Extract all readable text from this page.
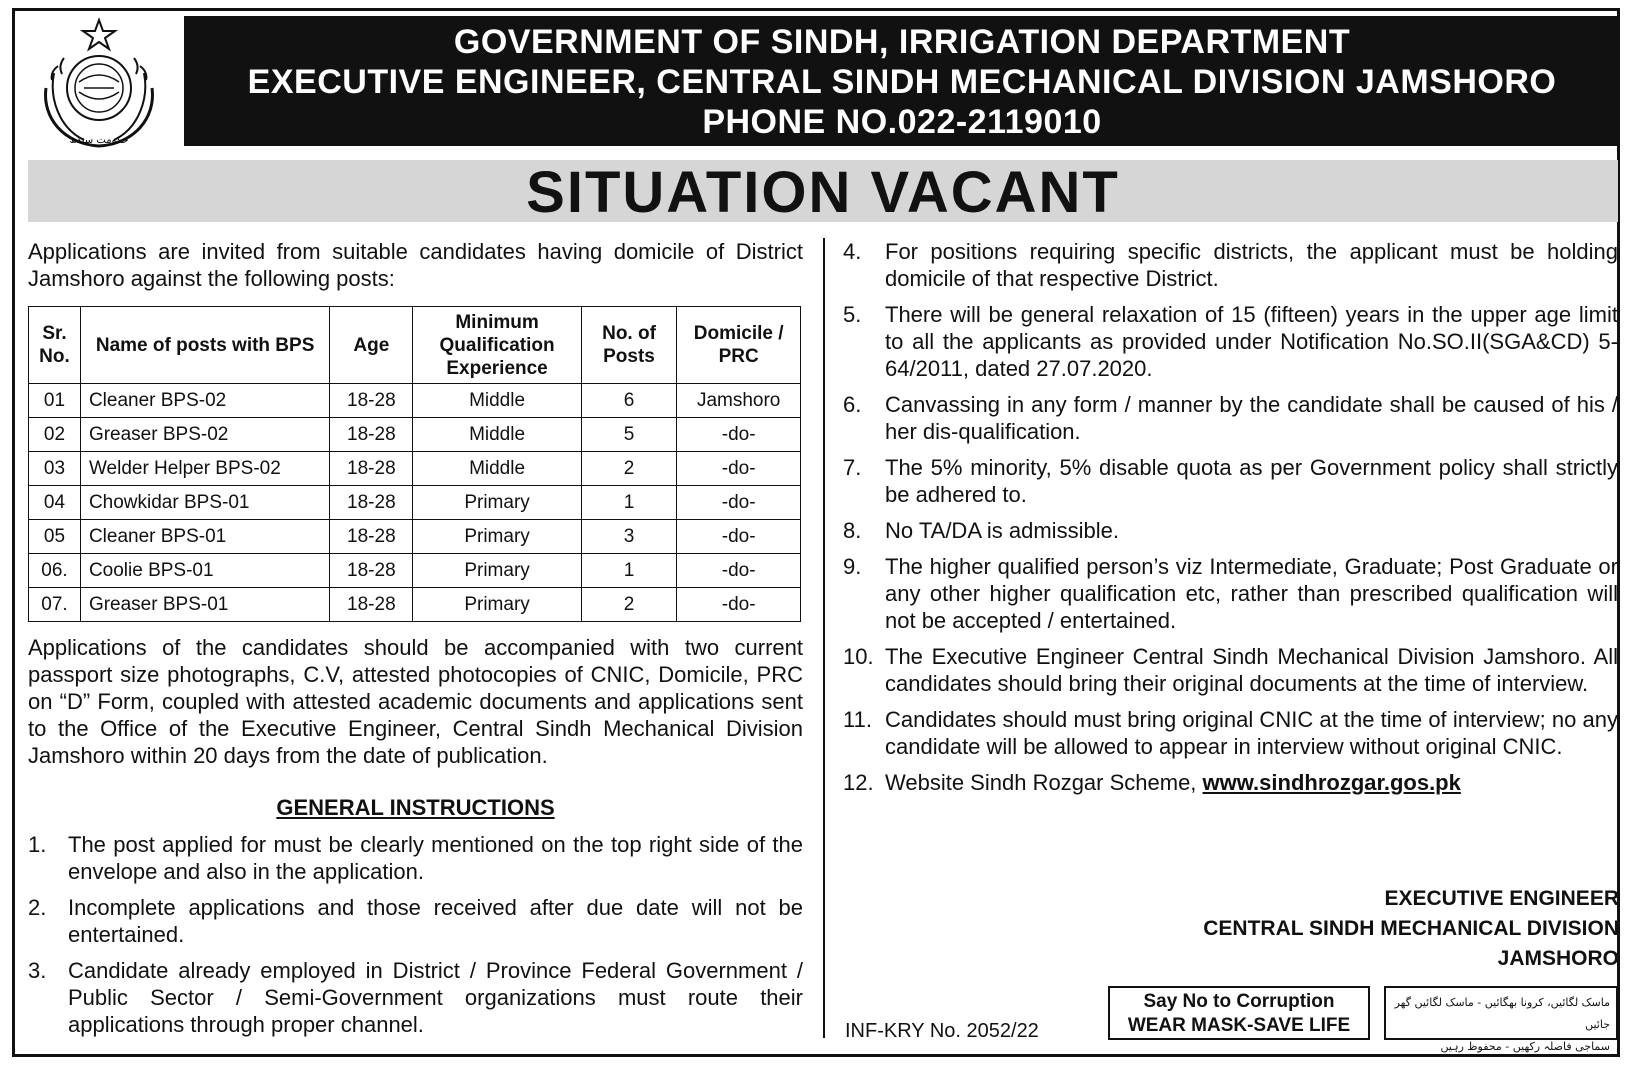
حکومت سندھ
GOVERNMENT OF SINDH, IRRIGATION DEPARTMENT
EXECUTIVE ENGINEER, CENTRAL SINDH MECHANICAL DIVISION JAMSHORO
PHONE NO.022-2119010
SITUATION VACANT

Applications are invited from suitable candidates having domicile of District Jamshoro against the following posts:

Sr. No.	Name of posts with BPS	Age	Minimum Qualification Experience	No. of Posts	Domicile / PRC
01	Cleaner BPS-02	18-28	Middle	6	Jamshoro
02	Greaser BPS-02	18-28	Middle	5	-do-
03	Welder Helper BPS-02	18-28	Middle	2	-do-
04	Chowkidar BPS-01	18-28	Primary	1	-do-
05	Cleaner BPS-01	18-28	Primary	3	-do-
06.	Coolie BPS-01	18-28	Primary	1	-do-
07.	Greaser BPS-01	18-28	Primary	2	-do-

Applications of the candidates should be accompanied with two current passport size photographs, C.V, attested photocopies of CNIC, Domicile, PRC on “D” Form, coupled with attested academic documents and applications sent to the Office of the Executive Engineer, Central Sindh Mechanical Division Jamshoro within 20 days from the date of publication.

GENERAL INSTRUCTIONS
1. The post applied for must be clearly mentioned on the top right side of the envelope and also in the application.
2. Incomplete applications and those received after due date will not be entertained.
3. Candidate already employed in District / Province Federal Government / Public Sector / Semi-Government organizations must route their applications through proper channel.
4.	For positions requiring specific districts, the applicant must be holding domicile of that respective District.
5.	There will be general relaxation of 15 (fifteen) years in the upper age limit to all the applicants as provided under Notification No.SO.II(SGA&CD) 5-64/2011, dated 27.07.2020.
6.	Canvassing in any form / manner by the candidate shall be caused of his / her dis-qualification.
7.	The 5% minority, 5% disable quota as per Government policy shall strictly be adhered to.
8.	No TA/DA is admissible.
9.	The higher qualified person’s viz Intermediate, Graduate; Post Graduate or any other higher qualification etc, rather than prescribed qualification will not be accepted / entertained.
10. The Executive Engineer Central Sindh Mechanical Division Jamshoro. All candidates should bring their original documents at the time of interview.
11. Candidates should must bring original CNIC at the time of interview; no any candidate will be allowed to appear in interview without original CNIC.
12. Website Sindh Rozgar Scheme, www.sindhrozgar.gos.pk
EXECUTIVE ENGINEER
CENTRAL SINDH MECHANICAL DIVISION
JAMSHORO
INF-KRY No. 2052/22
Say No to Corruption
WEAR MASK-SAVE LIFE
ماسک لگائیں، کرونا بھگائیں - ماسک لگائیں گھر جائیں
سماجی فاصلہ رکھیں - محفوظ رہیں
